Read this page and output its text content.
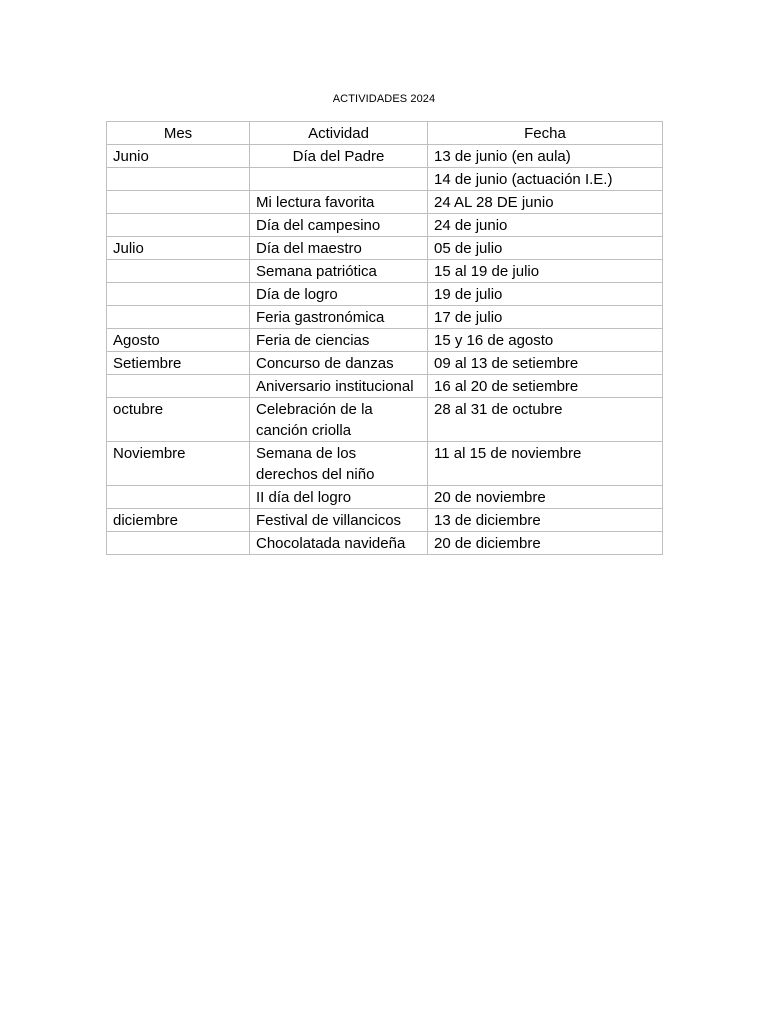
ACTIVIDADES 2024
Mes	Actividad	Fecha
Junio	Día del Padre	13 de junio (en aula)
		14 de junio (actuación I.E.)
	Mi lectura favorita	24 AL 28 DE junio
	Día del campesino	24 de junio
Julio	Día del maestro	05 de julio
	Semana patriótica	15 al 19 de julio
	Día de logro	19 de julio
	Feria gastronómica	17 de julio
Agosto	Feria de ciencias	15 y 16 de agosto
Setiembre	Concurso de danzas	09 al 13 de setiembre
	Aniversario institucional	16 al 20 de setiembre
octubre	Celebración de la canción criolla	28 al 31 de octubre
Noviembre	Semana de los derechos del niño	11 al 15 de noviembre
	II día del logro	20 de noviembre
diciembre	Festival de villancicos	13 de diciembre
	Chocolatada navideña	20 de diciembre
